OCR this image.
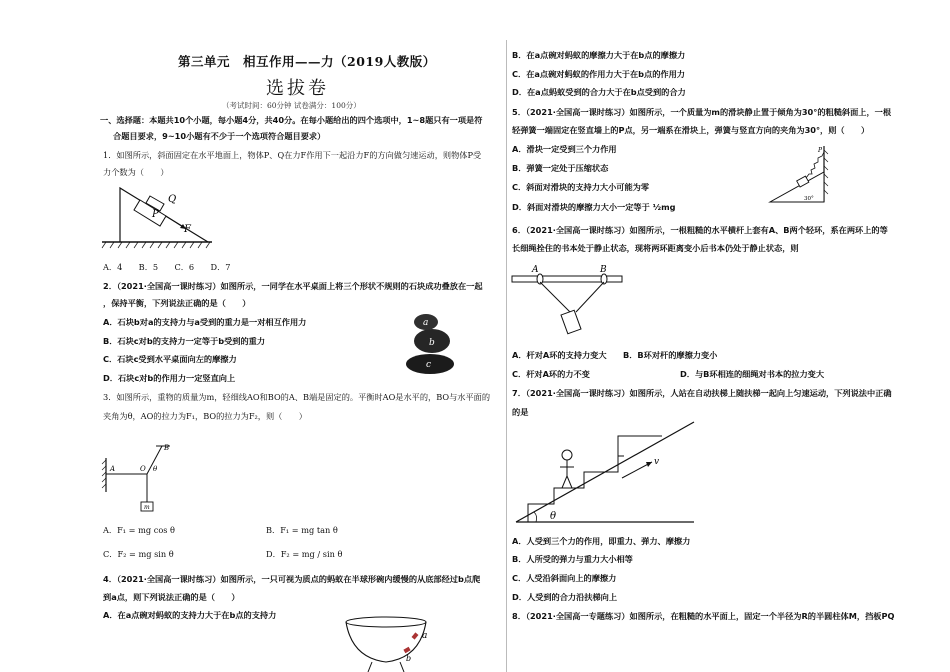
第三单元　相互作用——力（2019人教版）
选拔卷
（考试时间：60分钟 试卷满分：100分）
一、选择题：本题共10个小题，每小题4分，共40分。在每小题给出的四个选项中，1~8题只有一项是符
合题目要求，9~10小题有不少于一个选项符合题目要求）
1．如图所示，斜面固定在水平地面上，物体P、Q在力F作用下一起沿力F的方向做匀速运动，则物体P受
力个数为（　　）
Q
P
F
A．4　　B．5　　C．6　　D．7
2．（2021·全国高一课时练习）如图所示，一同学在水平桌面上将三个形状不规则的石块成功叠放在一起
，保持平衡，下列说法正确的是（　　）
A．石块b对a的支持力与a受到的重力是一对相互作用力
B．石块c对b的支持力一定等于b受到的重力
C．石块c受到水平桌面向左的摩擦力
D．石块c对b的作用力一定竖直向上
a
b
c
3．如图所示，重物的质量为m，轻细线AO和BO的A、B端是固定的。平衡时AO是水平的，BO与水平面的
夹角为θ，AO的拉力为F₁，BO的拉力为F₂，则（　　）
A
B
O θ
m
A．F₁ = mg cos θ	B．F₁ = mg tan θ
C．F₂ = mg sin θ	D．F₂ = mg / sin θ
4．（2021·全国高一课时练习）如图所示，一只可视为质点的蚂蚁在半球形碗内缓慢的从底部经过b点爬
到a点，则下列说法正确的是（　　）
A．在a点碗对蚂蚁的支持力大于在b点的支持力
a
b
B．在a点碗对蚂蚁的摩擦力大于在b点的摩擦力
C．在a点碗对蚂蚁的作用力大于在b点的作用力
D．在a点蚂蚁受到的合力大于在b点受到的合力
5．（2021·全国高一课时练习）如图所示，一个质量为m的滑块静止置于倾角为30°的粗糙斜面上，一根
轻弹簧一端固定在竖直墙上的P点，另一端系在滑块上，弹簧与竖直方向的夹角为30°，则（　　）
A．滑块一定受到三个力作用
B．弹簧一定处于压缩状态
C．斜面对滑块的支持力大小可能为零
D．斜面对滑块的摩擦力大小一定等于 ½mg
P
30°
6．（2021·全国高一课时练习）如图所示，一根粗糙的水平横杆上套有A、B两个轻环，系在两环上的等
长细绳拴住的书本处于静止状态，现将两环距离变小后书本仍处于静止状态，则
A	B
A．杆对A环的支持力变大 B．B环对杆的摩擦力变小
C．杆对A环的力不变	D．与B环相连的细绳对书本的拉力变大
7．（2021·全国高一课时练习）如图所示，人站在自动扶梯上随扶梯一起向上匀速运动，下列说法中正确
的是
v
θ
A．人受到三个力的作用，即重力、弹力、摩擦力
B．人所受的弹力与重力大小相等
C．人受沿斜面向上的摩擦力
D．人受到的合力沿扶梯向上
8．（2021·全国高一专题练习）如图所示，在粗糙的水平面上，固定一个半径为R的半圆柱体M，挡板PQ
